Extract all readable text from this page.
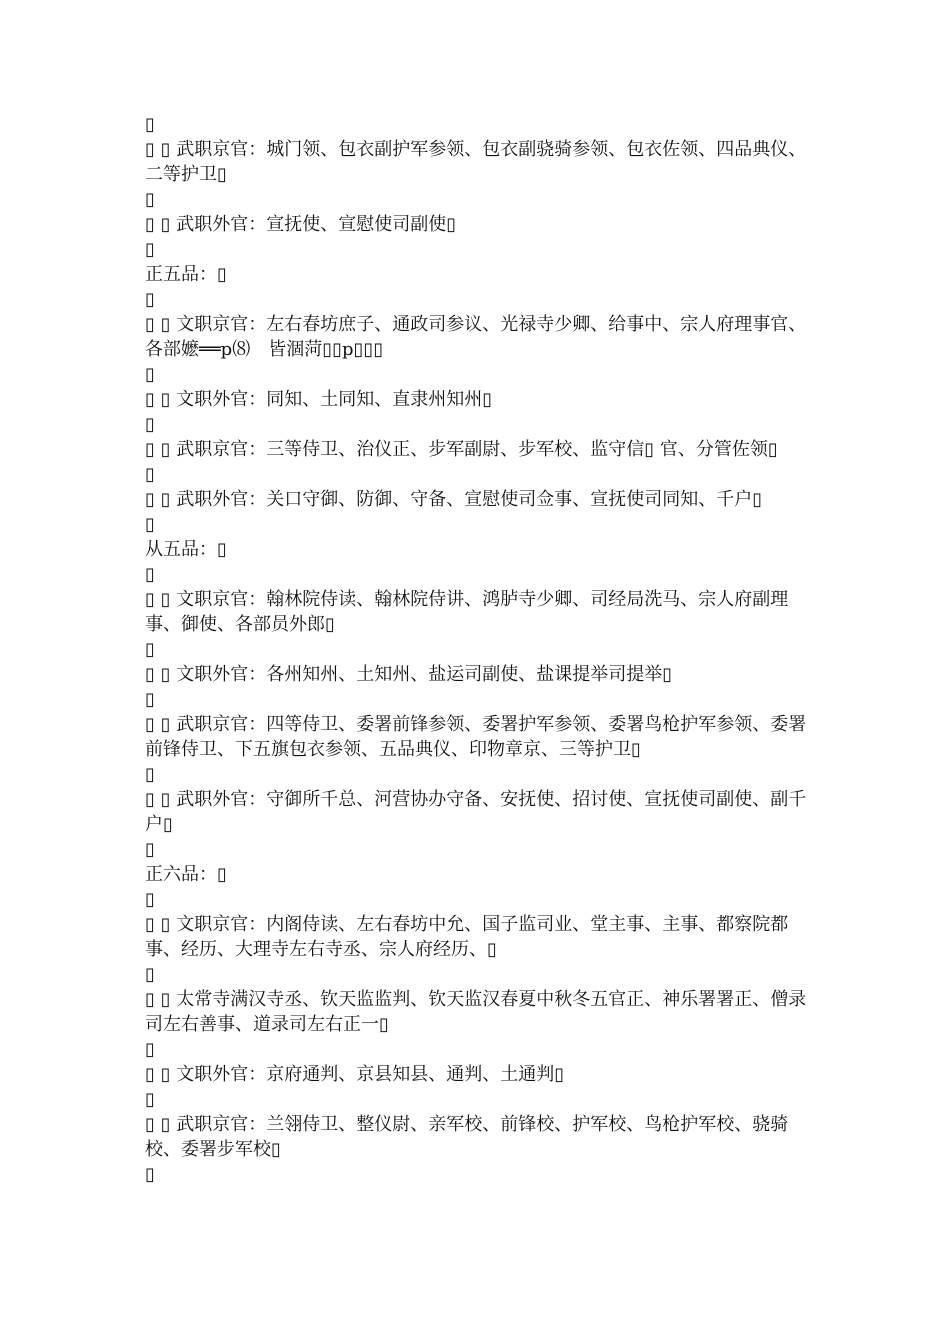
▯

▯ ▯ 武职京官：城门领、包衣副护军参领、包衣副骁骑参领、包衣佐领、四品典仪、二等护卫▯

▯

▯ ▯ 武职外官：宣抚使、宣慰使司副使▯

▯

正五品：▯

▯

▯ ▯ 文职京官：左右春坊庶子、通政司参议、光禄寺少卿、给事中、宗人府理事官、各部嬷══p⑻　皆涸菏▯▯p▯▯▯

▯

▯ ▯ 文职外官：同知、土同知、直隶州知州▯

▯

▯ ▯ 武职京官：三等侍卫、治仪正、步军副尉、步军校、监守信▯ 官、分管佐领▯

▯

▯ ▯ 武职外官：关口守御、防御、守备、宣慰使司佥事、宣抚使司同知、千户▯

▯

从五品：▯

▯

▯ ▯ 文职京官：翰林院侍读、翰林院侍讲、鸿胪寺少卿、司经局洗马、宗人府副理事、御使、各部员外郎▯

▯

▯ ▯ 文职外官：各州知州、土知州、盐运司副使、盐课提举司提举▯

▯

▯ ▯ 武职京官：四等侍卫、委署前锋参领、委署护军参领、委署鸟枪护军参领、委署前锋侍卫、下五旗包衣参领、五品典仪、印物章京、三等护卫▯

▯

▯ ▯ 武职外官：守御所千总、河营协办守备、安抚使、招讨使、宣抚使司副使、副千户▯

▯

正六品：▯

▯

▯ ▯ 文职京官：内阁侍读、左右春坊中允、国子监司业、堂主事、主事、都察院都事、经历、大理寺左右寺丞、宗人府经历、▯

▯

▯ ▯ 太常寺满汉寺丞、钦天监监判、钦天监汉春夏中秋冬五官正、神乐署署正、僧录司左右善事、道录司左右正一▯

▯

▯ ▯ 文职外官：京府通判、京县知县、通判、土通判▯

▯

▯ ▯ 武职京官：兰翎侍卫、整仪尉、亲军校、前锋校、护军校、鸟枪护军校、骁骑校、委署步军校▯

▯
